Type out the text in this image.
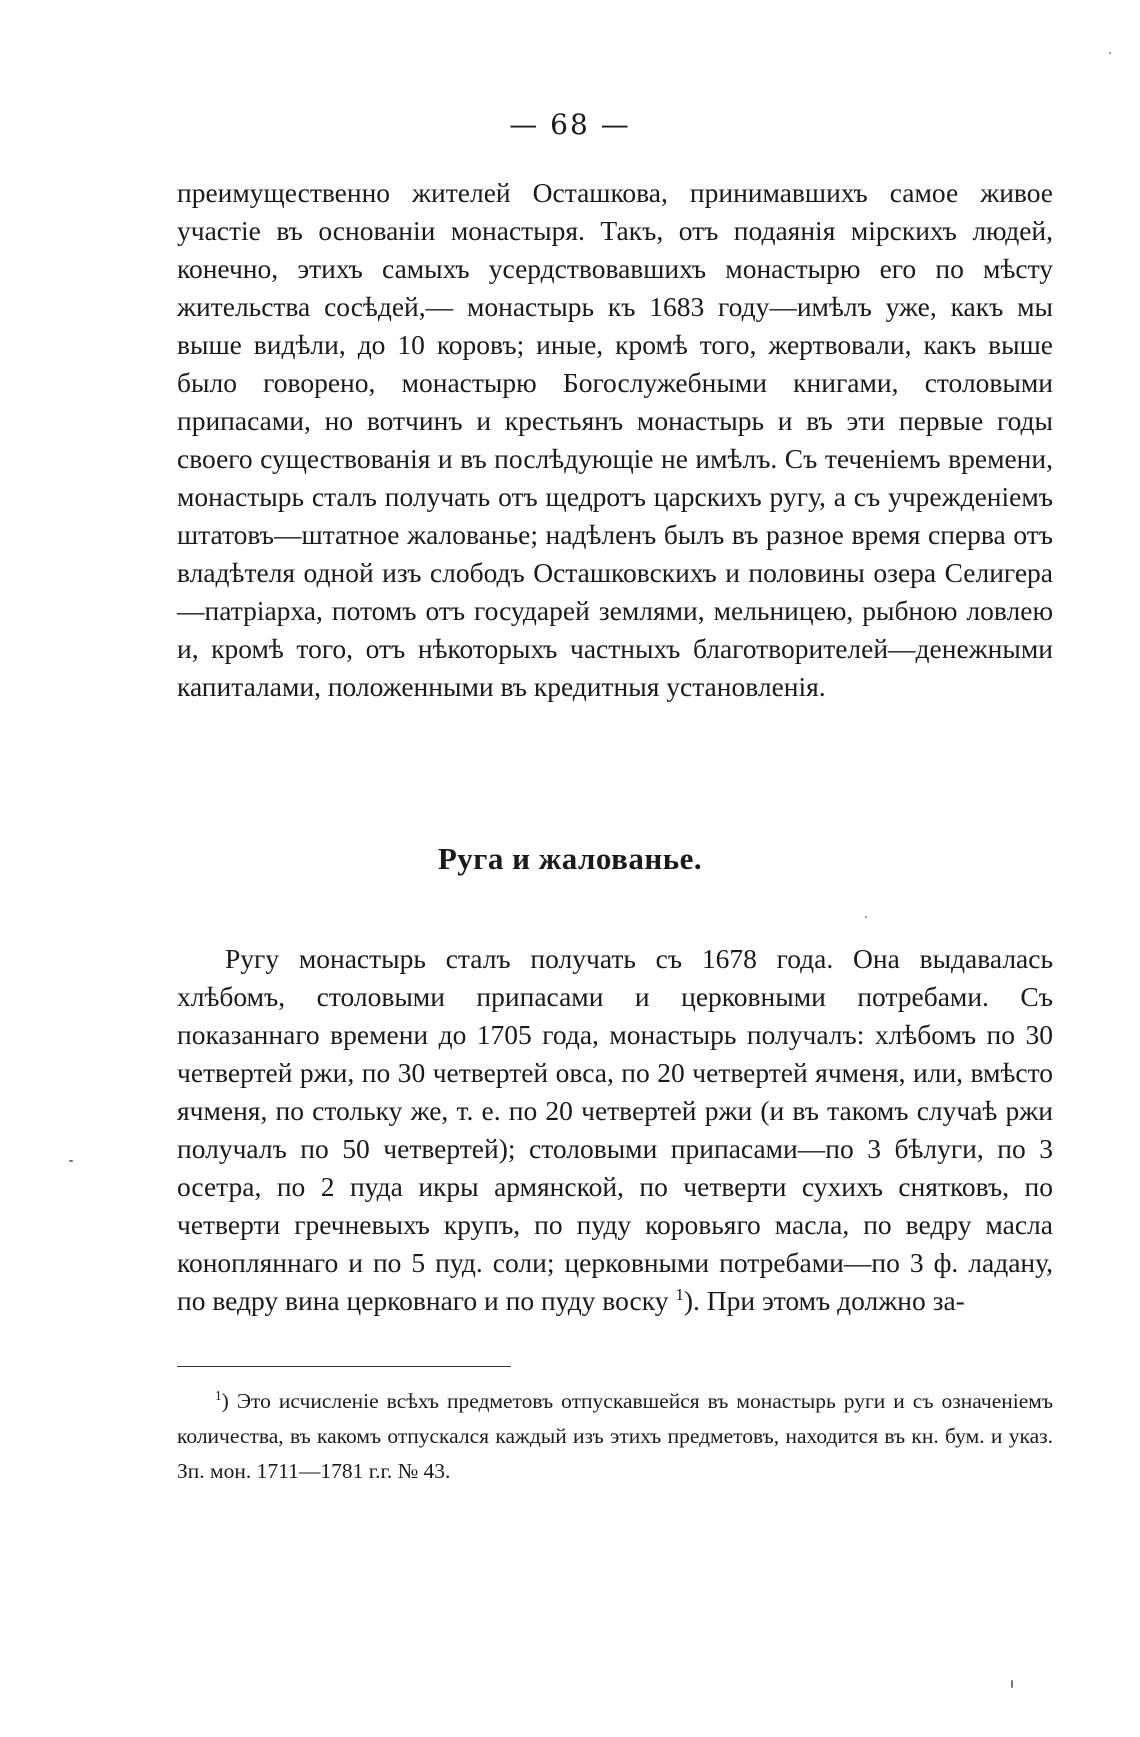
— 68 —
преимущественно жителей Осташкова, принимавшихъ самое живое участіе въ основаніи монастыря. Такъ, отъ подаянія мірскихъ людей, конечно, этихъ самыхъ усердствовавшихъ монастырю его по мѣсту жительства сосѣдей,— монастырь къ 1683 году—имѣлъ уже, какъ мы выше видѣли, до 10 коровъ; иные, кромѣ того, жертвовали, какъ выше было говорено, монастырю Богослужебными книгами, столовыми припасами, но вотчинъ и крестьянъ монастырь и въ эти первые годы своего существованія и въ послѣдующіе не имѣлъ. Съ теченіемъ времени, монастырь сталъ получать отъ щедротъ царскихъ ругу, а съ учрежденіемъ штатовъ—штатное жалованье; надѣленъ былъ въ разное время сперва отъ владѣтеля одной изъ слободъ Осташковскихъ и половины озера Селигера—патріарха, потомъ отъ государей землями, мельницею, рыбною ловлею и, кромѣ того, отъ нѣкоторыхъ частныхъ благотворителей—денежными капиталами, положенными въ кредитныя установленія.
Руга и жалованье.
Ругу монастырь сталъ получать съ 1678 года. Она выдавалась хлѣбомъ, столовыми припасами и церковными потребами. Съ показаннаго времени до 1705 года, монастырь получалъ: хлѣбомъ по 30 четвертей ржи, по 30 четвертей овса, по 20 четвертей ячменя, или, вмѣсто ячменя, по стольку же, т. е. по 20 четвертей ржи (и въ такомъ случаѣ ржи получалъ по 50 четвертей); столовыми припасами—по 3 бѣлуги, по 3 осетра, по 2 пуда икры армянской, по четверти сухихъ снятковъ, по четверти гречневыхъ крупъ, по пуду коровьяго масла, по ведру масла конопляннаго и по 5 пуд. соли; церковными потребами—по 3 ф. ладану, по ведру вина церковнаго и по пуду воску $^1$). При этомъ должно за-
$^1$) Это исчисленіе всѣхъ предметовъ отпускавшейся въ монастырь руги и съ означеніемъ количества, въ какомъ отпускался каждый изъ этихъ предметовъ, находится въ кн. бум. и указ. Зп. мон. 1711—1781 г.г. № 43.
